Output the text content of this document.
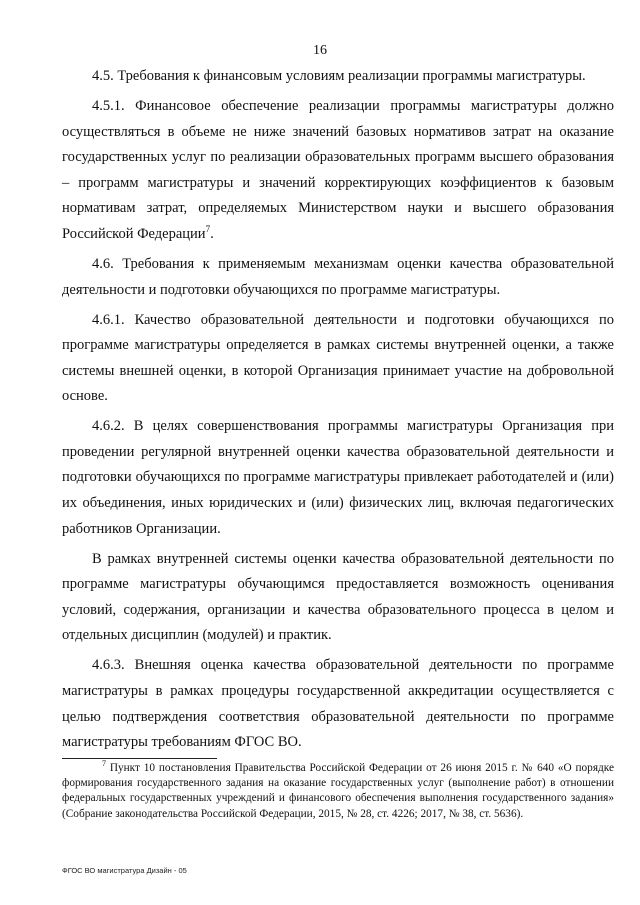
16

4.5. Требования к финансовым условиям реализации программы магистратуры.

4.5.1. Финансовое обеспечение реализации программы магистратуры должно осуществляться в объеме не ниже значений базовых нормативов затрат на оказание государственных услуг по реализации образовательных программ высшего образования – программ магистратуры и значений корректирующих коэффициентов к базовым нормативам затрат, определяемых Министерством науки и высшего образования Российской Федерации$^7$.

4.6. Требования к применяемым механизмам оценки качества образовательной деятельности и подготовки обучающихся по программе магистратуры.

4.6.1. Качество образовательной деятельности и подготовки обучающихся по программе магистратуры определяется в рамках системы внутренней оценки, а также системы внешней оценки, в которой Организация принимает участие на добровольной основе.

4.6.2. В целях совершенствования программы магистратуры Организация при проведении регулярной внутренней оценки качества образовательной деятельности и подготовки обучающихся по программе магистратуры привлекает работодателей и (или) их объединения, иных юридических и (или) физических лиц, включая педагогических работников Организации.

В рамках внутренней системы оценки качества образовательной деятельности по программе магистратуры обучающимся предоставляется возможность оценивания условий, содержания, организации и качества образовательного процесса в целом и отдельных дисциплин (модулей) и практик.

4.6.3. Внешняя оценка качества образовательной деятельности по программе магистратуры в рамках процедуры государственной аккредитации осуществляется с целью подтверждения соответствия образовательной деятельности по программе магистратуры требованиям ФГОС ВО.

$^7$ Пункт 10 постановления Правительства Российской Федерации от 26 июня 2015 г. № 640 «О порядке формирования государственного задания на оказание государственных услуг (выполнение работ) в отношении федеральных государственных учреждений и финансового обеспечения выполнения государственного задания» (Собрание законодательства Российской Федерации, 2015, № 28, ст. 4226; 2017, № 38, ст. 5636).
ФГОС ВО магистратура Дизайн - 05
